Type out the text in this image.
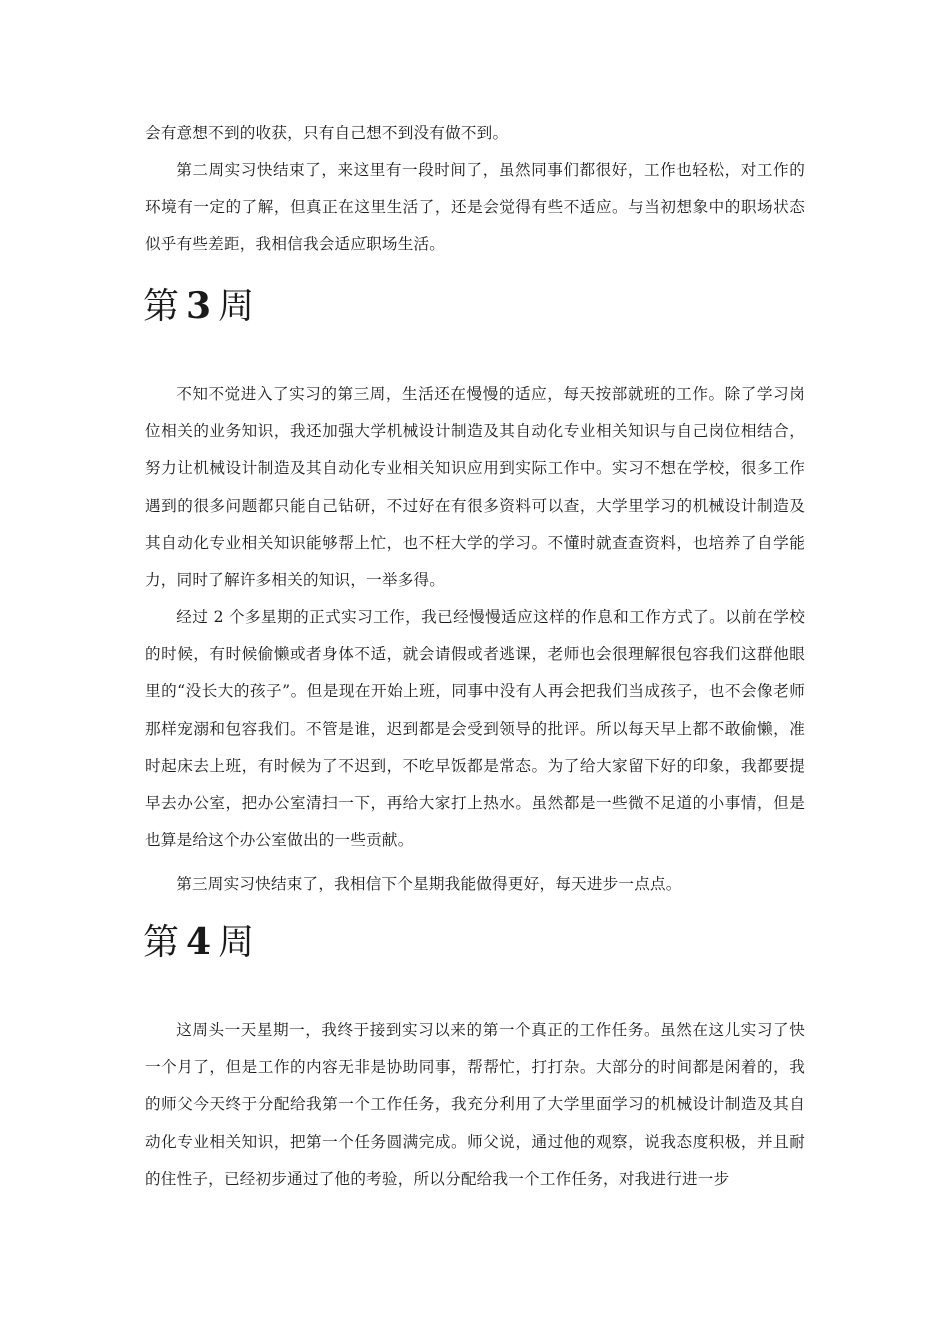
会有意想不到的收获，只有自己想不到没有做不到。

第二周实习快结束了，来这里有一段时间了，虽然同事们都很好，工作也轻松，对工作的环境有一定的了解，但真正在这里生活了，还是会觉得有些不适应。与当初想象中的职场状态似乎有些差距，我相信我会适应职场生活。

第 3 周

不知不觉进入了实习的第三周，生活还在慢慢的适应，每天按部就班的工作。除了学习岗位相关的业务知识，我还加强大学机械设计制造及其自动化专业相关知识与自己岗位相结合，努力让机械设计制造及其自动化专业相关知识应用到实际工作中。实习不想在学校，很多工作遇到的很多问题都只能自己钻研，不过好在有很多资料可以查，大学里学习的机械设计制造及其自动化专业相关知识能够帮上忙，也不枉大学的学习。不懂时就查查资料，也培养了自学能力，同时了解许多相关的知识，一举多得。

经过 2 个多星期的正式实习工作，我已经慢慢适应这样的作息和工作方式了。以前在学校的时候，有时候偷懒或者身体不适，就会请假或者逃课，老师也会很理解很包容我们这群他眼里的“没长大的孩子”。但是现在开始上班，同事中没有人再会把我们当成孩子，也不会像老师那样宠溺和包容我们。不管是谁，迟到都是会受到领导的批评。所以每天早上都不敢偷懒，准时起床去上班，有时候为了不迟到，不吃早饭都是常态。为了给大家留下好的印象，我都要提早去办公室，把办公室清扫一下，再给大家打上热水。虽然都是一些微不足道的小事情，但是也算是给这个办公室做出的一些贡献。

第三周实习快结束了，我相信下个星期我能做得更好，每天进步一点点。

第 4 周

这周头一天星期一，我终于接到实习以来的第一个真正的工作任务。虽然在这儿实习了快一个月了，但是工作的内容无非是协助同事，帮帮忙，打打杂。大部分的时间都是闲着的，我的师父今天终于分配给我第一个工作任务，我充分利用了大学里面学习的机械设计制造及其自动化专业相关知识，把第一个任务圆满完成。师父说，通过他的观察，说我态度积极，并且耐的住性子，已经初步通过了他的考验，所以分配给我一个工作任务，对我进行进一步
